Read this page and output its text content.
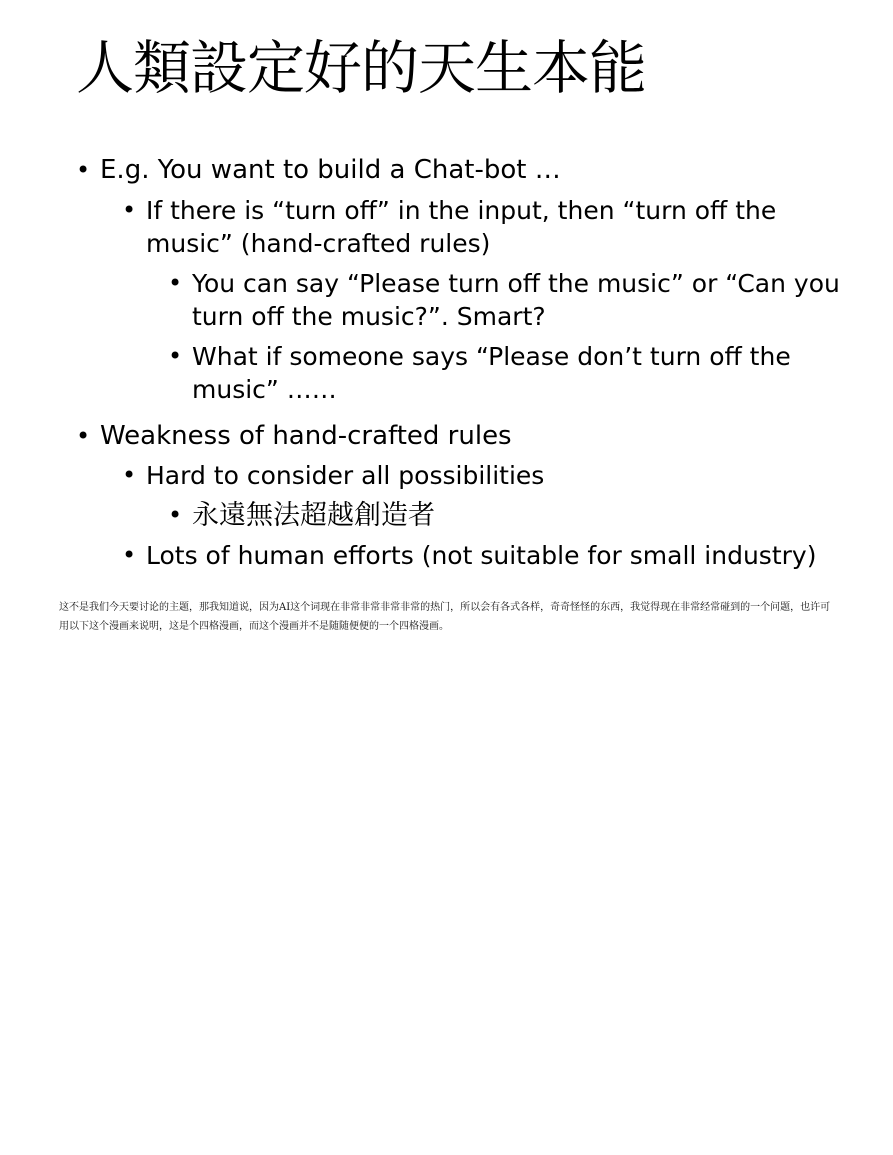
人類設定好的天生本能
• E.g. You want to build a Chat-bot …
• If there is “turn off” in the input, then “turn off the
music” (hand-crafted rules)
• You can say “Please turn off the music” or “Can you
turn off the music?”. Smart?
• What if someone says “Please don’t turn off the
music” ……
• Weakness of hand-crafted rules
• Hard to consider all possibilities
• 永遠無法超越創造者
• Lots of human efforts (not suitable for small industry)

这不是我们今天要讨论的主题，那我知道说，因为AI这个词现在非常非常非常非常的热门，所以会有各式各样，奇奇怪怪的东西，我觉得现在非常经常碰到的一个问题，也许可用以下这个漫画来说明，这是个四格漫画，而这个漫画并不是随随便便的一个四格漫画。
